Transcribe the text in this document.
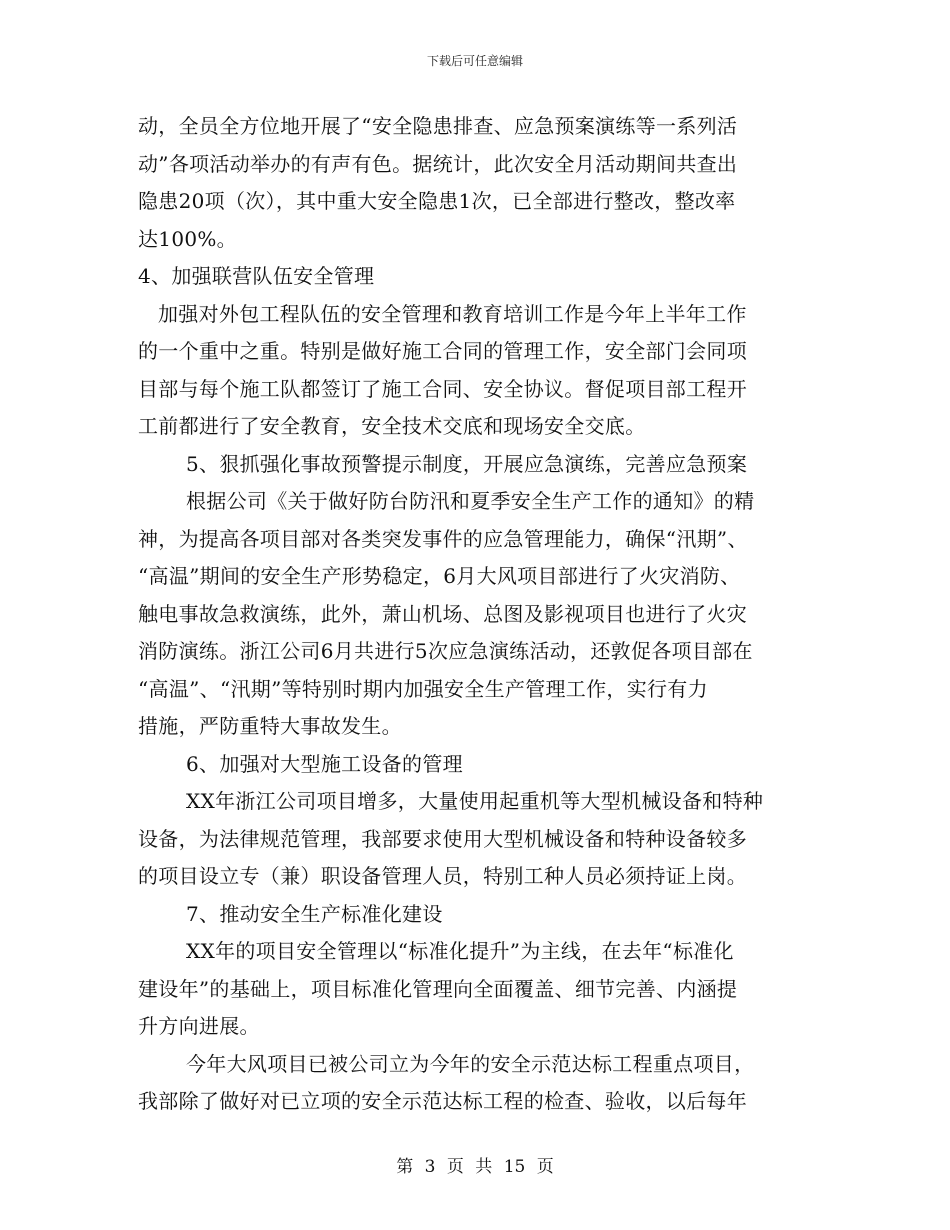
下载后可任意编辑
动，全员全方位地开展了“安全隐患排查、应急预案演练等一系列活
动”各项活动举办的有声有色。据统计，此次安全月活动期间共查出
隐患20项（次），其中重大安全隐患1次，已全部进行整改，整改率
达100%。
4、加强联营队伍安全管理
加强对外包工程队伍的安全管理和教育培训工作是今年上半年工作
的一个重中之重。特别是做好施工合同的管理工作，安全部门会同项
目部与每个施工队都签订了施工合同、安全协议。督促项目部工程开
工前都进行了安全教育，安全技术交底和现场安全交底。
5、狠抓强化事故预警提示制度，开展应急演练，完善应急预案
根据公司《关于做好防台防汛和夏季安全生产工作的通知》的精
神，为提高各项目部对各类突发事件的应急管理能力，确保“汛期”、
“高温”期间的安全生产形势稳定，6月大风项目部进行了火灾消防、
触电事故急救演练，此外，萧山机场、总图及影视项目也进行了火灾
消防演练。浙江公司6月共进行5次应急演练活动，还敦促各项目部在
“高温”、“汛期”等特别时期内加强安全生产管理工作，实行有力
措施，严防重特大事故发生。
6、加强对大型施工设备的管理
XX年浙江公司项目增多，大量使用起重机等大型机械设备和特种
设备，为法律规范管理，我部要求使用大型机械设备和特种设备较多
的项目设立专（兼）职设备管理人员，特别工种人员必须持证上岗。
7、推动安全生产标准化建设
XX年的项目安全管理以“标准化提升”为主线，在去年“标准化
建设年”的基础上，项目标准化管理向全面覆盖、细节完善、内涵提
升方向进展。
今年大风项目已被公司立为今年的安全示范达标工程重点项目，
我部除了做好对已立项的安全示范达标工程的检查、验收，以后每年
第 3 页 共 15 页
